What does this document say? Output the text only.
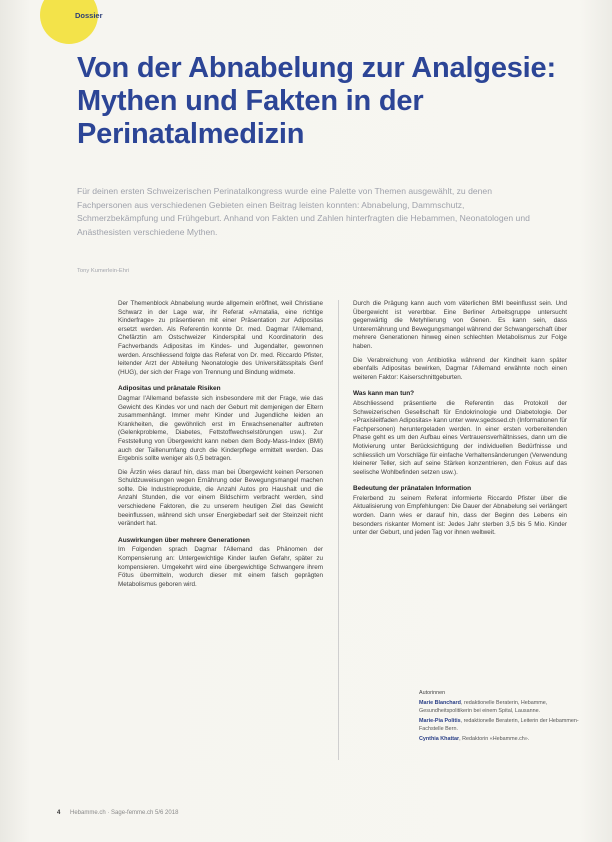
Dossier
Von der Abnabelung zur Analgesie: Mythen und Fakten in der Perinatalmedizin

Für deinen ersten Schweizerischen Perinatalkongress wurde eine Palette von Themen ausgewählt, zu denen Fachpersonen aus verschiedenen Gebieten einen Beitrag leisten konnten: Abnabelung, Dammschutz, Schmerzbekämpfung und Frühgeburt. Anhand von Fakten und Zahlen hinterfragten die Hebammen, Neonatologen und Anästhesisten verschiedene Mythen.

Tony Kumerlein-Ehri

Der Themenblock Abnabelung wurde allgemein eröffnet, weil Christiane Schwarz in der Lage war, ihr Referat «Arnatalia, eine richtige Kinderfrage» zu präsentieren mit einer Präsentation zur Adipositas ersetzt werden. Als Referentin konnte Dr. med. Dagmar l'Allemand, Chefärztin am Ostschweizer Kinderspital und Koordinatorin des Fachverbands Adipositas im Kindes- und Jugendalter, gewonnen werden. Anschliessend folgte das Referat von Dr. med. Riccardo Pfister, leitender Arzt der Abteilung Neonatologie des Universitätsspitals Genf (HUG), der sich der Frage von Trennung und Bindung widmete.

Adipositas und pränatale Risiken

Dagmar l'Allemand befasste sich insbesondere mit der Frage, wie das Gewicht des Kindes vor und nach der Geburt mit demjenigen der Eltern zusammenhängt. Immer mehr Kinder und Jugendliche leiden an Krankheiten, die gewöhnlich erst im Erwachsenenalter auftreten (Gelenkprobleme, Diabetes, Fettstoffwechselstörungen usw.). Zur Feststellung von Übergewicht kann neben dem Body-Mass-Index (BMI) auch der Taillenumfang durch die Kinderpflege ermittelt werden. Das Ergebnis sollte weniger als 0,5 betragen.

Die Ärztin wies darauf hin, dass man bei Übergewicht keinen Personen Schuldzuweisungen wegen Ernährung oder Bewegungsmangel machen sollte. Die Industrieprodukte, die Anzahl Autos pro Haushalt und die Anzahl Stunden, die vor einem Bildschirm verbracht werden, sind verschiedene Faktoren, die zu unserem heutigen Ziel das Gewicht beeinflussen, während sich unser Energiebedarf seit der Steinzeit nicht verändert hat.

Auswirkungen über mehrere Generationen

Im Folgenden sprach Dagmar l'Allemand das Phänomen der Kompensierung an: Untergewichtige Kinder laufen Gefahr, später zu kompensieren. Umgekehrt wird eine übergewichtige Schwangere ihrem Fötus übermitteln, wodurch dieser mit einem falsch geprägten Metabolismus geboren wird.

Durch die Prägung kann auch vom väterlichen BMI beeinflusst sein. Und Übergewicht ist vererbbar. Eine Berliner Arbeitsgruppe untersucht gegenwärtig die Metyhlierung von Genen. Es kann sein, dass Unterernährung und Bewegungsmangel während der Schwangerschaft über mehrere Generationen hinweg einen schlechten Metabolismus zur Folge haben.

Die Verabreichung von Antibiotika während der Kindheit kann später ebenfalls Adipositas bewirken, Dagmar l'Allemand erwähnte noch einen weiteren Faktor: Kaiserschnittgeburten.

Was kann man tun?

Abschliessend präsentierte die Referentin das Protokoll der Schweizerischen Gesellschaft für Endokrinologie und Diabetologie. Der «Praxisleitfaden Adipositas» kann unter www.sgedssed.ch (Informationen für Fachpersonen) heruntergeladen werden. In einer ersten vorbereitenden Phase geht es um den Aufbau eines Vertrauensverhältnisses, dann um die Motivierung unter Berücksichtigung der individuellen Bedürfnisse und schliesslich um Vorschläge für einfache Verhaltensänderungen (Verwendung kleinerer Teller, sich auf seine Stärken konzentrieren, den Fokus auf das seelische Wohlbefinden setzen usw.).

Bedeutung der pränatalen Information

Frelerbend zu seinem Referat informierte Riccardo Pfister über die Aktualisierung von Empfehlungen: Die Dauer der Abnabelung sei verlängert worden. Dann wies er darauf hin, dass der Beginn des Lebens ein besonders riskanter Moment ist: Jedes Jahr sterben 3,5 bis 5 Mio. Kinder unter der Geburt, und jeden Tag vor ihnen weltweit.

Autorinnen
Marie Blanchard, redaktionelle Beraterin, Hebamme, Gesundheitspolitikerin bei einem Spital, Lausanne.
Marie-Pia Politis, redaktionelle Beraterin, Leiterin der Hebammen-Fachstelle Bern.
Cynthia Khattar, Redaktorin «Hebamme.ch».
4 Hebamme.ch · Sage-femme.ch 5/6 2018
